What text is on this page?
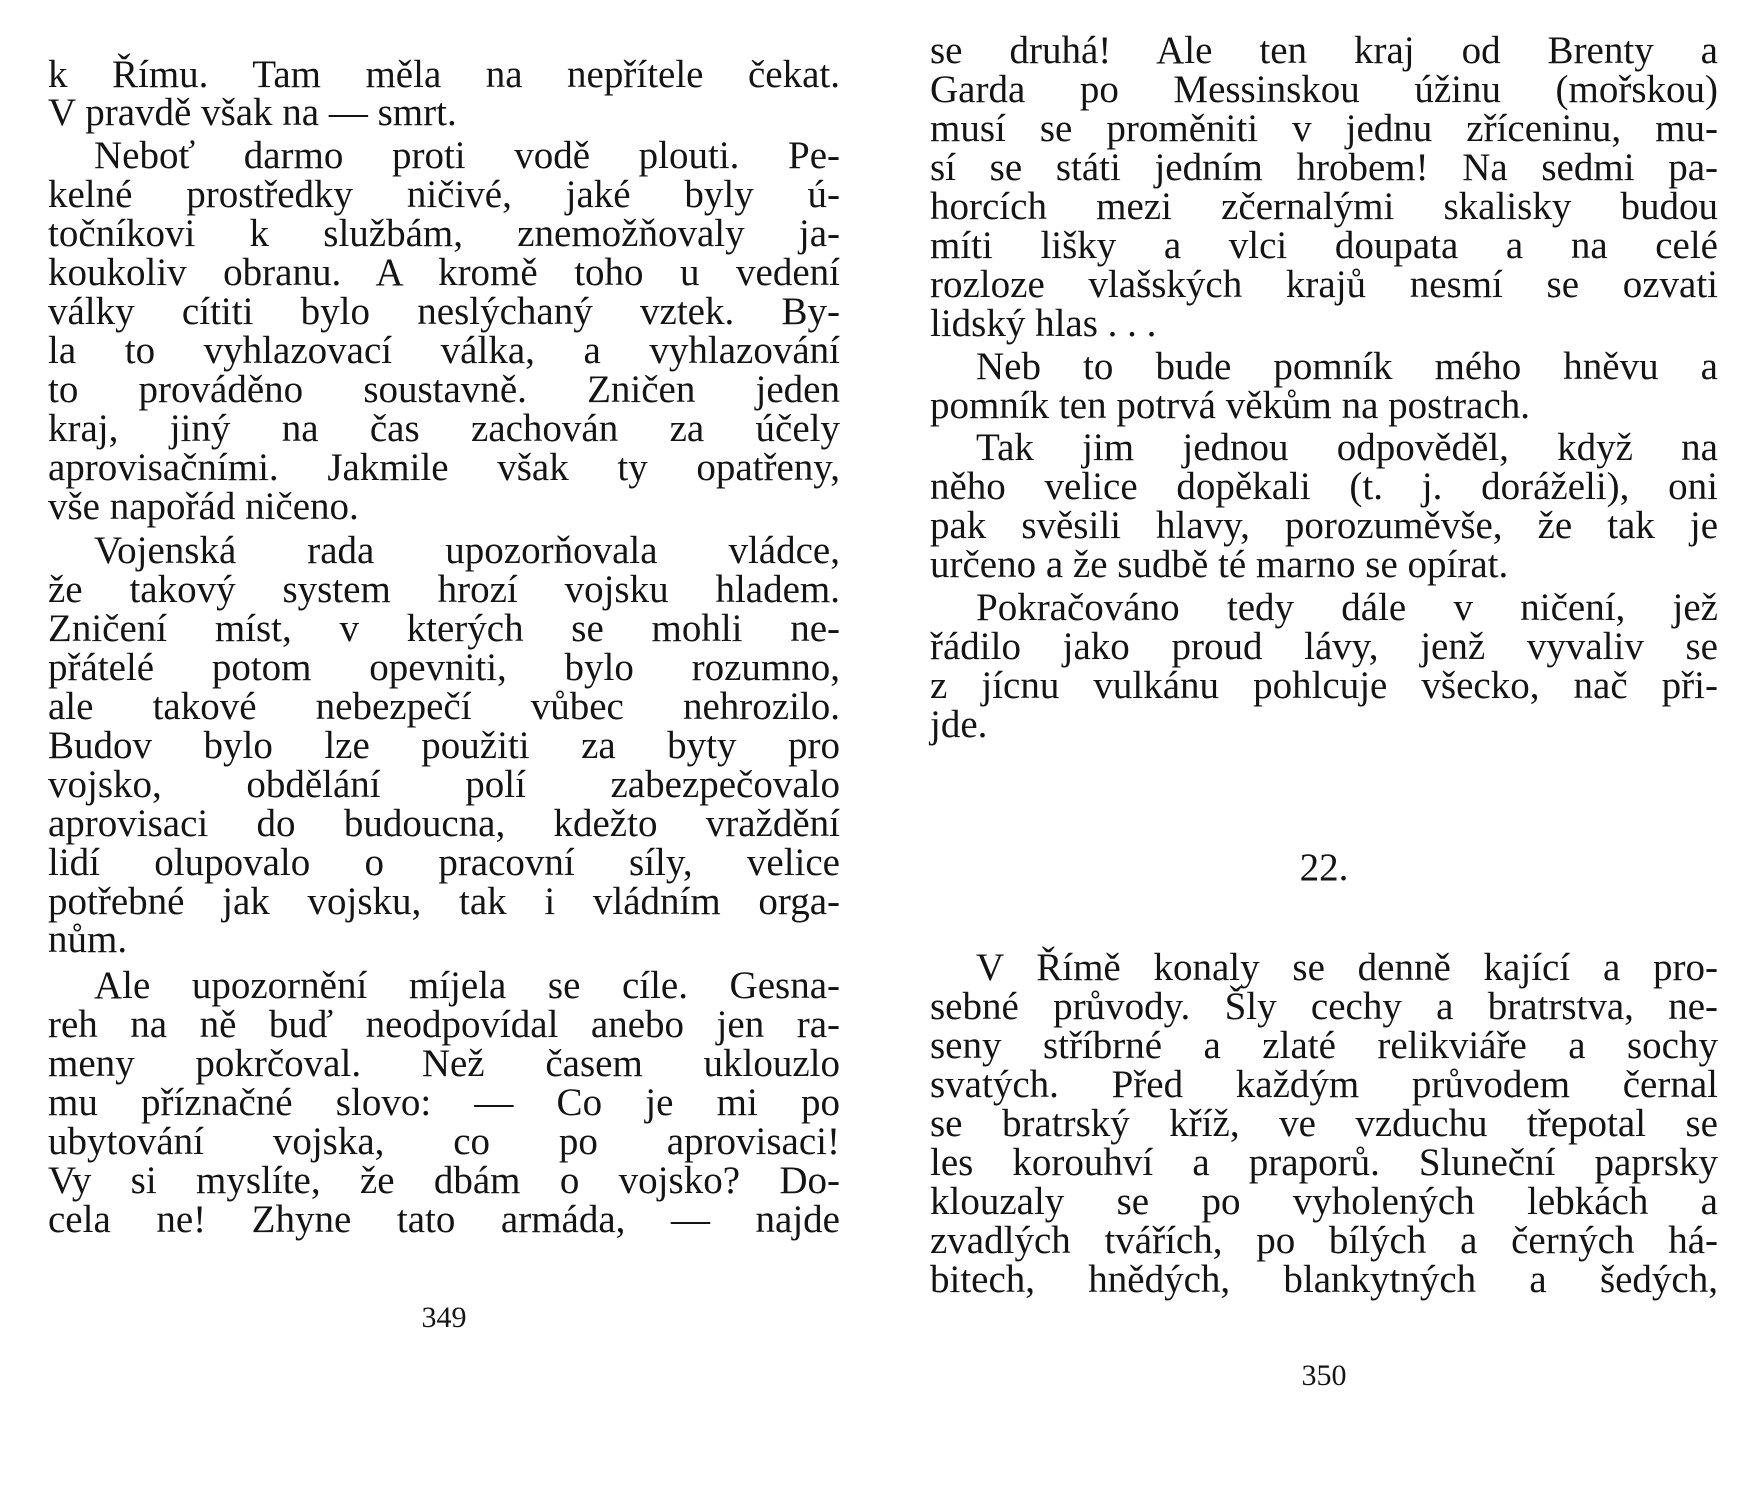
k Římu. Tam měla na nepřítele čekat.
V pravdě však na — smrt.
Neboť darmo proti vodě plouti. Pe-
kelné prostředky ničivé, jaké byly ú-
točníkovi k službám, znemožňovaly ja-
koukoliv obranu. A kromě toho u vedení
války cítiti bylo neslýchaný vztek. By-
la to vyhlazovací válka, a vyhlazování
to prováděno soustavně. Zničen jeden
kraj, jiný na čas zachován za účely
aprovisačními. Jakmile však ty opatřeny,
vše napořád ničeno.
Vojenská rada upozorňovala vládce,
že takový system hrozí vojsku hladem.
Zničení míst, v kterých se mohli ne-
přátelé potom opevniti, bylo rozumno,
ale takové nebezpečí vůbec nehrozilo.
Budov bylo lze použiti za byty pro
vojsko, obdělání polí zabezpečovalo
aprovisaci do budoucna, kdežto vraždění
lidí olupovalo o pracovní síly, velice
potřebné jak vojsku, tak i vládním orga-
nům.
Ale upozornění míjela se cíle. Gesna-
reh na ně buď neodpovídal anebo jen ra-
meny pokrčoval. Než časem uklouzlo
mu příznačné slovo: — Co je mi po
ubytování vojska, co po aprovisaci!
Vy si myslíte, že dbám o vojsko? Do-
cela ne! Zhyne tato armáda, — najde
349
se druhá! Ale ten kraj od Brenty a
Garda po Messinskou úžinu (mořskou)
musí se proměniti v jednu zříceninu, mu-
sí se státi jedním hrobem! Na sedmi pa-
horcích mezi zčernalými skalisky budou
míti lišky a vlci doupata a na celé
rozloze vlašských krajů nesmí se ozvati
lidský hlas . . .
Neb to bude pomník mého hněvu a
pomník ten potrvá věkům na postrach.
Tak jim jednou odpověděl, když na
něho velice dopěkali (t. j. doráželi), oni
pak svěsili hlavy, porozuměvše, že tak je
určeno a že sudbě té marno se opírat.
Pokračováno tedy dále v ničení, jež
řádilo jako proud lávy, jenž vyvaliv se
z jícnu vulkánu pohlcuje všecko, nač při-
jde.
22.
V Římě konaly se denně kající a pro-
sebné průvody. Šly cechy a bratrstva, ne-
seny stříbrné a zlaté relikviáře a sochy
svatých. Před každým průvodem černal
se bratrský kříž, ve vzduchu třepotal se
les korouhví a praporů. Sluneční paprsky
klouzaly se po vyholených lebkách a
zvadlých tvářích, po bílých a černých há-
bitech, hnědých, blankytných a šedých,
350
